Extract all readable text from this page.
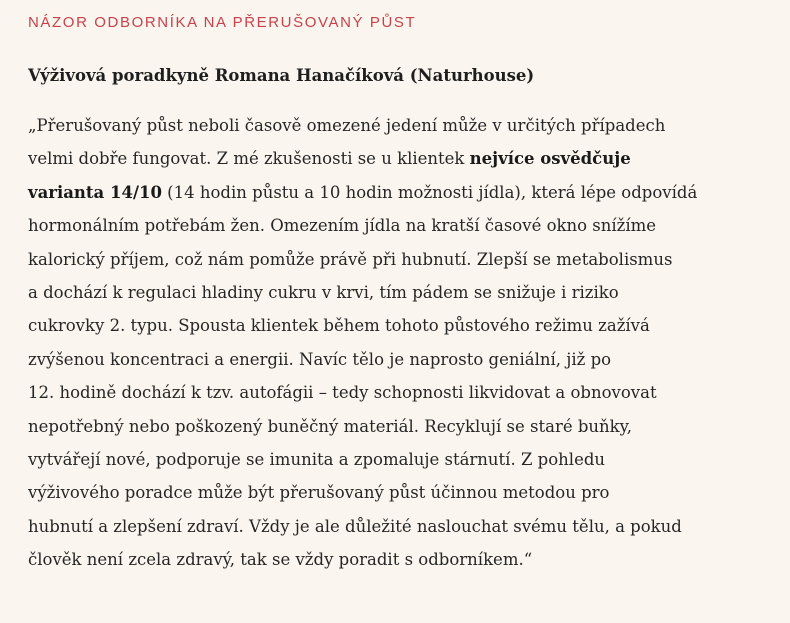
NÁZOR ODBORNÍKA NA PŘERUŠOVANÝ PŮST

Výživová poradkyně Romana Hanačíková (Naturhouse)

„Přerušovaný půst neboli časově omezené jedení může v určitých případech
velmi dobře fungovat. Z mé zkušenosti se u klientek nejvíce osvědčuje
varianta 14/10 (14 hodin půstu a 10 hodin možnosti jídla), která lépe odpovídá
hormonálním potřebám žen. Omezením jídla na kratší časové okno snížíme
kalorický příjem, což nám pomůže právě při hubnutí. Zlepší se metabolismus
a dochází k regulaci hladiny cukru v krvi, tím pádem se snižuje i riziko
cukrovky 2. typu. Spousta klientek během tohoto půstového režimu zažívá
zvýšenou koncentraci a energii. Navíc tělo je naprosto geniální, již po
12. hodině dochází k tzv. autofágii – tedy schopnosti likvidovat a obnovovat
nepotřebný nebo poškozený buněčný materiál. Recyklují se staré buňky,
vytvářejí nové, podporuje se imunita a zpomaluje stárnutí. Z pohledu
výživového poradce může být přerušovaný půst účinnou metodou pro
hubnutí a zlepšení zdraví. Vždy je ale důležité naslouchat svému tělu, a pokud
člověk není zcela zdravý, tak se vždy poradit s odborníkem.“
